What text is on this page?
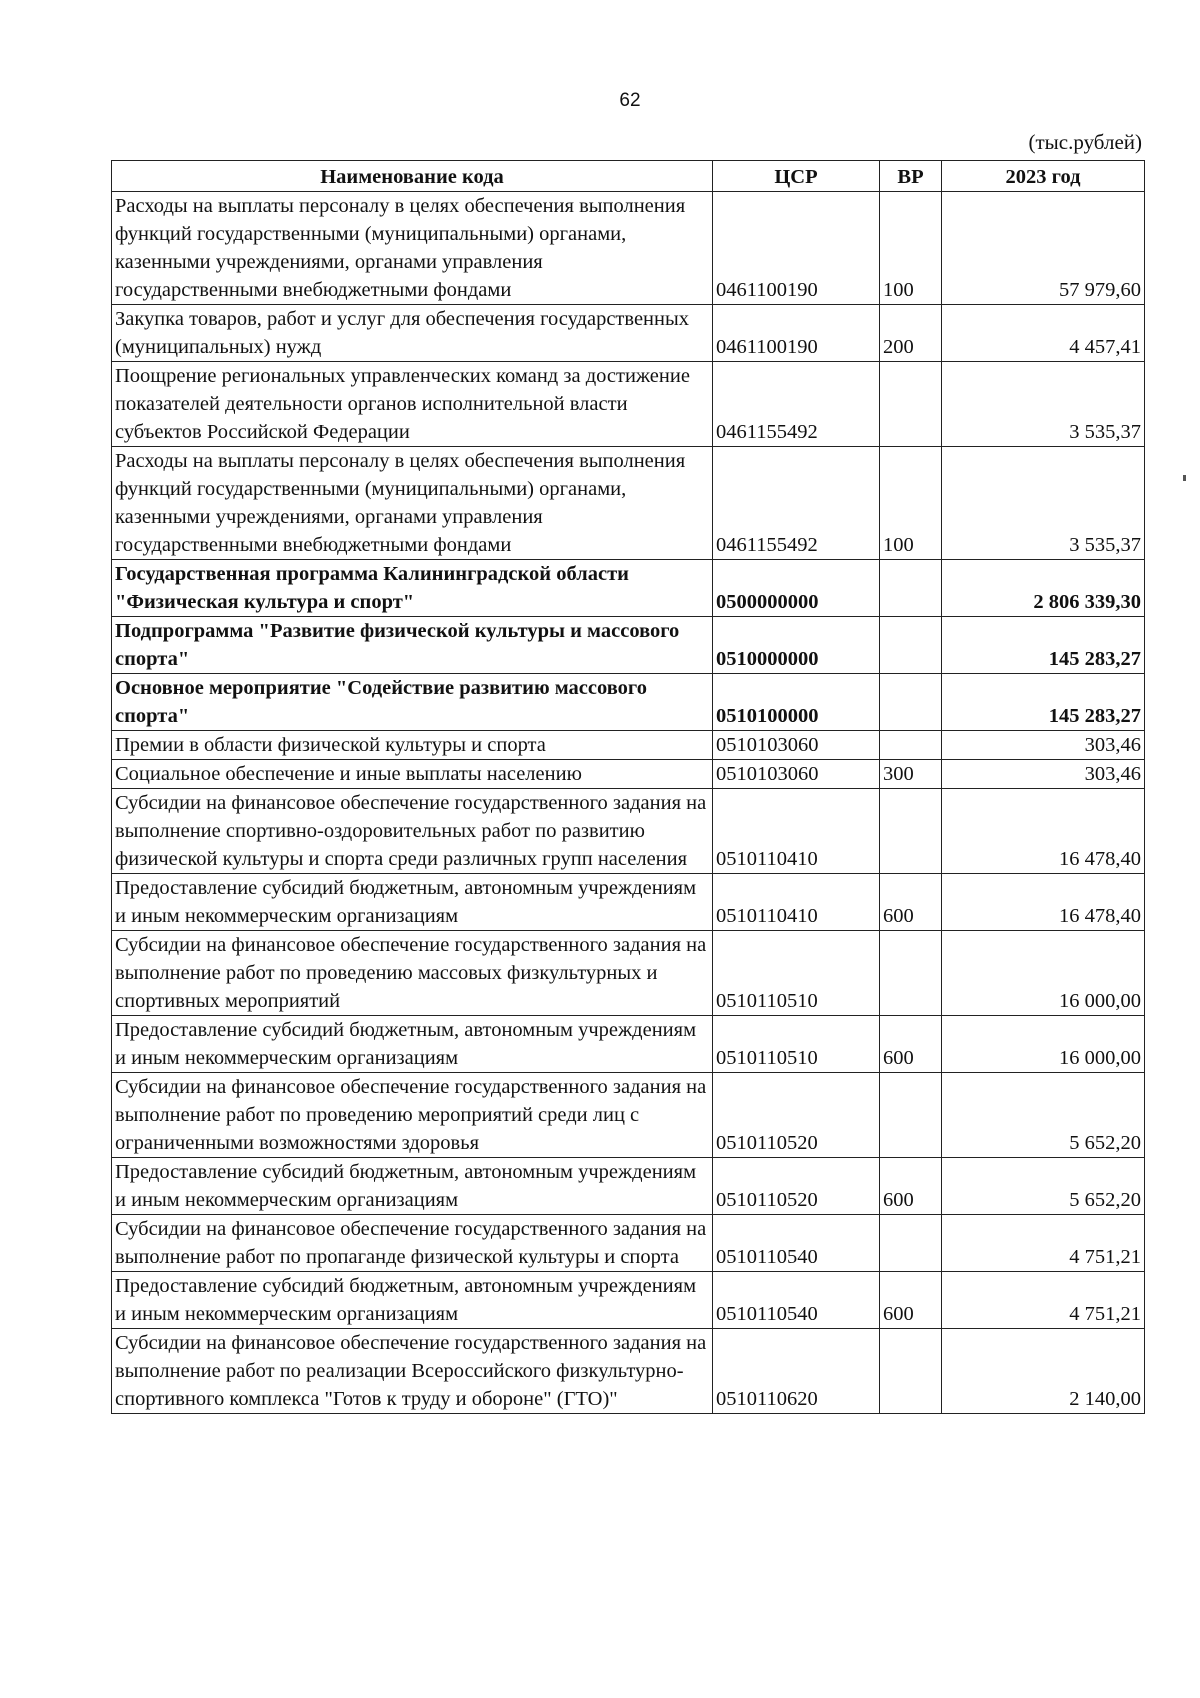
62
(тыс.рублей)
Наименование кода	ЦСР	ВР	2023 год
Расходы на выплаты персоналу в целях обеспечения выполнения функций государственными (муниципальными) органами, казенными учреждениями, органами управления государственными внебюджетными фондами	0461100190	100	57 979,60
Закупка товаров, работ и услуг для обеспечения государственных (муниципальных) нужд	0461100190	200	4 457,41
Поощрение региональных управленческих команд за достижение показателей деятельности органов исполнительной власти субъектов Российской Федерации	0461155492		3 535,37
Расходы на выплаты персоналу в целях обеспечения выполнения функций государственными (муниципальными) органами, казенными учреждениями, органами управления государственными внебюджетными фондами	0461155492	100	3 535,37
Государственная программа Калининградской области "Физическая культура и спорт"	0500000000		2 806 339,30
Подпрограмма "Развитие физической культуры и массового спорта"	0510000000		145 283,27
Основное мероприятие "Содействие развитию массового спорта"	0510100000		145 283,27
Премии в области физической культуры и спорта	0510103060		303,46
Социальное обеспечение и иные выплаты населению	0510103060	300	303,46
Субсидии на финансовое обеспечение государственного задания на выполнение спортивно-оздоровительных работ по развитию физической культуры и спорта среди различных групп населения	0510110410		16 478,40
Предоставление субсидий бюджетным, автономным учреждениям и иным некоммерческим организациям	0510110410	600	16 478,40
Субсидии на финансовое обеспечение государственного задания на выполнение работ по проведению массовых физкультурных и спортивных мероприятий	0510110510		16 000,00
Предоставление субсидий бюджетным, автономным учреждениям и иным некоммерческим организациям	0510110510	600	16 000,00
Субсидии на финансовое обеспечение государственного задания на выполнение работ по проведению мероприятий среди лиц с ограниченными возможностями здоровья	0510110520		5 652,20
Предоставление субсидий бюджетным, автономным учреждениям и иным некоммерческим организациям	0510110520	600	5 652,20
Субсидии на финансовое обеспечение государственного задания на выполнение работ по пропаганде физической культуры и спорта	0510110540		4 751,21
Предоставление субсидий бюджетным, автономным учреждениям и иным некоммерческим организациям	0510110540	600	4 751,21
Субсидии на финансовое обеспечение государственного задания на выполнение работ по реализации Всероссийского физкультурно-спортивного комплекса "Готов к труду и обороне" (ГТО)"	0510110620		2 140,00
